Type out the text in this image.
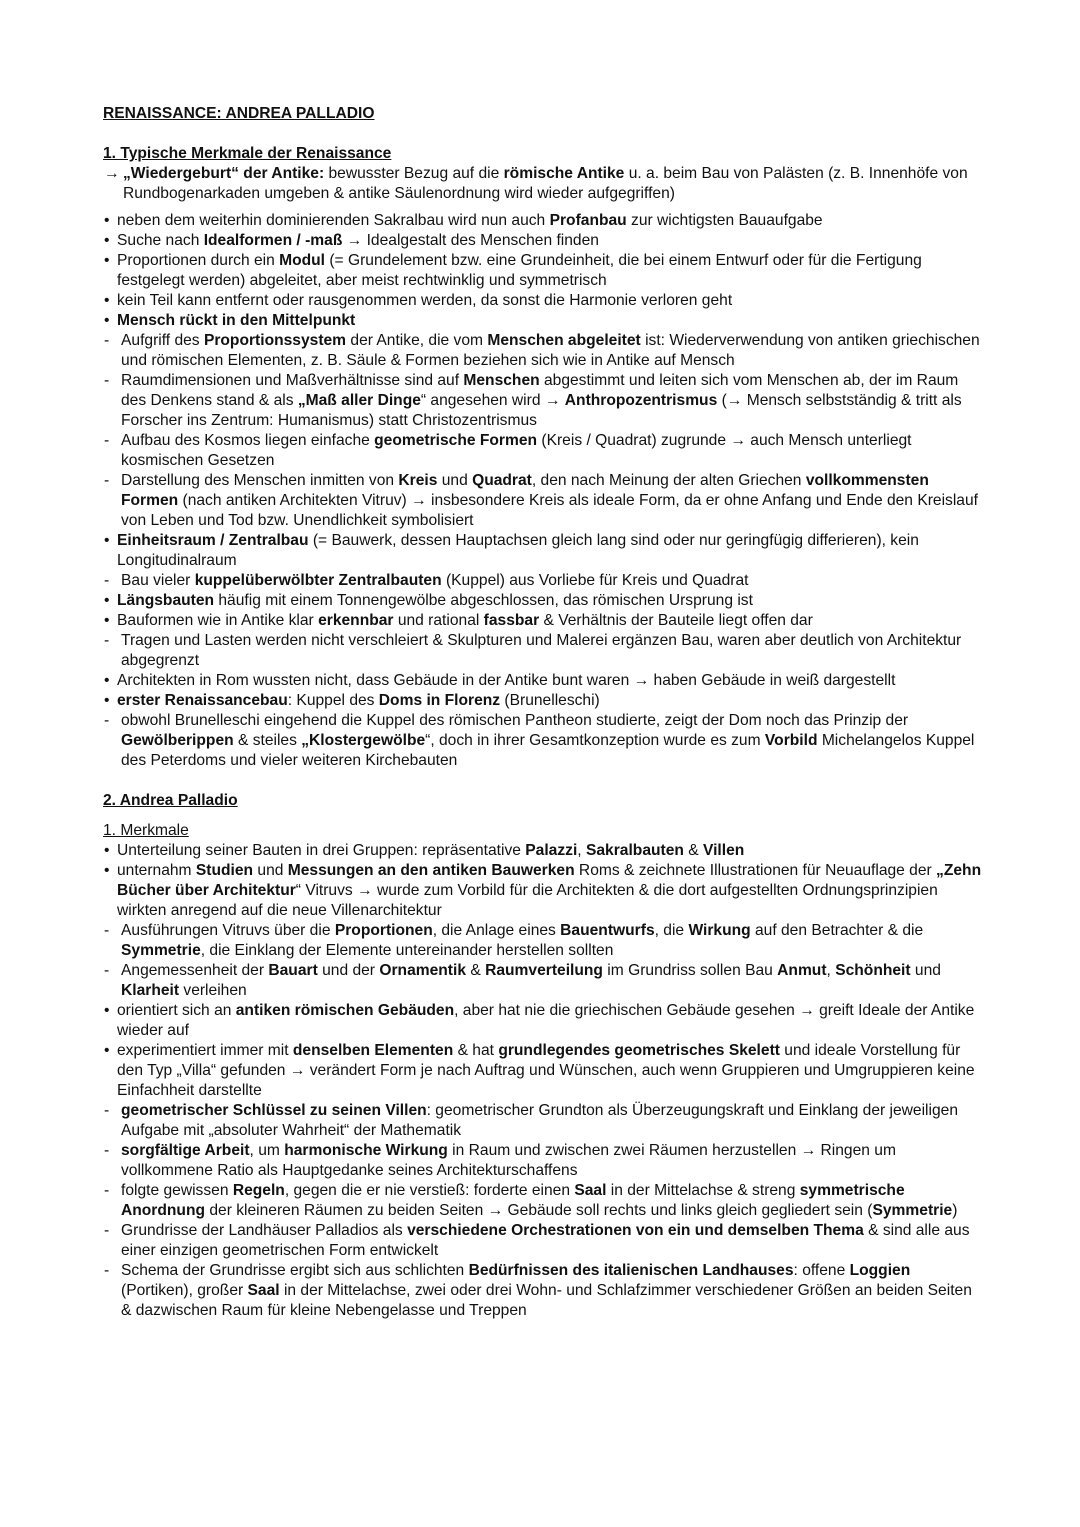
RENAISSANCE: ANDREA PALLADIO

1. Typische Merkmale der Renaissance

→ „Wiedergeburt“ der Antike: bewusster Bezug auf die römische Antike u. a. beim Bau von Palästen (z. B. Innenhöfe von Rundbogenarkaden umgeben & antike Säulenordnung wird wieder aufgegriffen)
• neben dem weiterhin dominierenden Sakralbau wird nun auch Profanbau zur wichtigsten Bauaufgabe
• Suche nach Idealformen / -maß → Idealgestalt des Menschen finden
• Proportionen durch ein Modul (= Grundelement bzw. eine Grundeinheit, die bei einem Entwurf oder für die Fertigung festgelegt werden) abgeleitet, aber meist rechtwinklig und symmetrisch
• kein Teil kann entfernt oder rausgenommen werden, da sonst die Harmonie verloren geht
• Mensch rückt in den Mittelpunkt
- Aufgriff des Proportionssystem der Antike, die vom Menschen abgeleitet ist: Wiederverwendung von antiken griechischen und römischen Elementen, z. B. Säule & Formen beziehen sich wie in Antike auf Mensch
- Raumdimensionen und Maßverhältnisse sind auf Menschen abgestimmt und leiten sich vom Menschen ab, der im Raum des Denkens stand & als „Maß aller Dinge“ angesehen wird → Anthropozentrismus (→ Mensch selbstständig & tritt als Forscher ins Zentrum: Humanismus) statt Christozentrismus
- Aufbau des Kosmos liegen einfache geometrische Formen (Kreis / Quadrat) zugrunde → auch Mensch unterliegt kosmischen Gesetzen
- Darstellung des Menschen inmitten von Kreis und Quadrat, den nach Meinung der alten Griechen vollkommensten Formen (nach antiken Architekten Vitruv) → insbesondere Kreis als ideale Form, da er ohne Anfang und Ende den Kreislauf von Leben und Tod bzw. Unendlichkeit symbolisiert
• Einheitsraum / Zentralbau (= Bauwerk, dessen Hauptachsen gleich lang sind oder nur geringfügig differieren), kein Longitudinalraum
- Bau vieler kuppelüberwölbter Zentralbauten (Kuppel) aus Vorliebe für Kreis und Quadrat
• Längsbauten häufig mit einem Tonnengewölbe abgeschlossen, das römischen Ursprung ist
• Bauformen wie in Antike klar erkennbar und rational fassbar & Verhältnis der Bauteile liegt offen dar
- Tragen und Lasten werden nicht verschleiert & Skulpturen und Malerei ergänzen Bau, waren aber deutlich von Architektur abgegrenzt
• Architekten in Rom wussten nicht, dass Gebäude in der Antike bunt waren → haben Gebäude in weiß dargestellt
• erster Renaissancebau: Kuppel des Doms in Florenz (Brunelleschi)
- obwohl Brunelleschi eingehend die Kuppel des römischen Pantheon studierte, zeigt der Dom noch das Prinzip der Gewölberippen & steiles „Klostergewölbe“, doch in ihrer Gesamtkonzeption wurde es zum Vorbild Michelangelos Kuppel des Peterdoms und vieler weiteren Kirchebauten

2. Andrea Palladio

1. Merkmale

• Unterteilung seiner Bauten in drei Gruppen: repräsentative Palazzi, Sakralbauten & Villen
• unternahm Studien und Messungen an den antiken Bauwerken Roms & zeichnete Illustrationen für Neuauflage der „Zehn Bücher über Architektur“ Vitruvs → wurde zum Vorbild für die Architekten & die dort aufgestellten Ordnungsprinzipien wirkten anregend auf die neue Villenarchitektur
- Ausführungen Vitruvs über die Proportionen, die Anlage eines Bauentwurfs, die Wirkung auf den Betrachter & die Symmetrie, die Einklang der Elemente untereinander herstellen sollten
- Angemessenheit der Bauart und der Ornamentik & Raumverteilung im Grundriss sollen Bau Anmut, Schönheit und Klarheit verleihen
• orientiert sich an antiken römischen Gebäuden, aber hat nie die griechischen Gebäude gesehen → greift Ideale der Antike wieder auf
• experimentiert immer mit denselben Elementen & hat grundlegendes geometrisches Skelett und ideale Vorstellung für den Typ „Villa“ gefunden → verändert Form je nach Auftrag und Wünschen, auch wenn Gruppieren und Umgruppieren keine Einfachheit darstellte
- geometrischer Schlüssel zu seinen Villen: geometrischer Grundton als Überzeugungskraft und Einklang der jeweiligen Aufgabe mit „absoluter Wahrheit“ der Mathematik
- sorgfältige Arbeit, um harmonische Wirkung in Raum und zwischen zwei Räumen herzustellen → Ringen um vollkommene Ratio als Hauptgedanke seines Architekturschaffens
- folgte gewissen Regeln, gegen die er nie verstieß: forderte einen Saal in der Mittelachse & streng symmetrische Anordnung der kleineren Räumen zu beiden Seiten → Gebäude soll rechts und links gleich gegliedert sein (Symmetrie)
- Grundrisse der Landhäuser Palladios als verschiedene Orchestrationen von ein und demselben Thema & sind alle aus einer einzigen geometrischen Form entwickelt
- Schema der Grundrisse ergibt sich aus schlichten Bedürfnissen des italienischen Landhauses: offene Loggien (Portiken), großer Saal in der Mittelachse, zwei oder drei Wohn- und Schlafzimmer verschiedener Größen an beiden Seiten & dazwischen Raum für kleine Nebengelasse und Treppen
